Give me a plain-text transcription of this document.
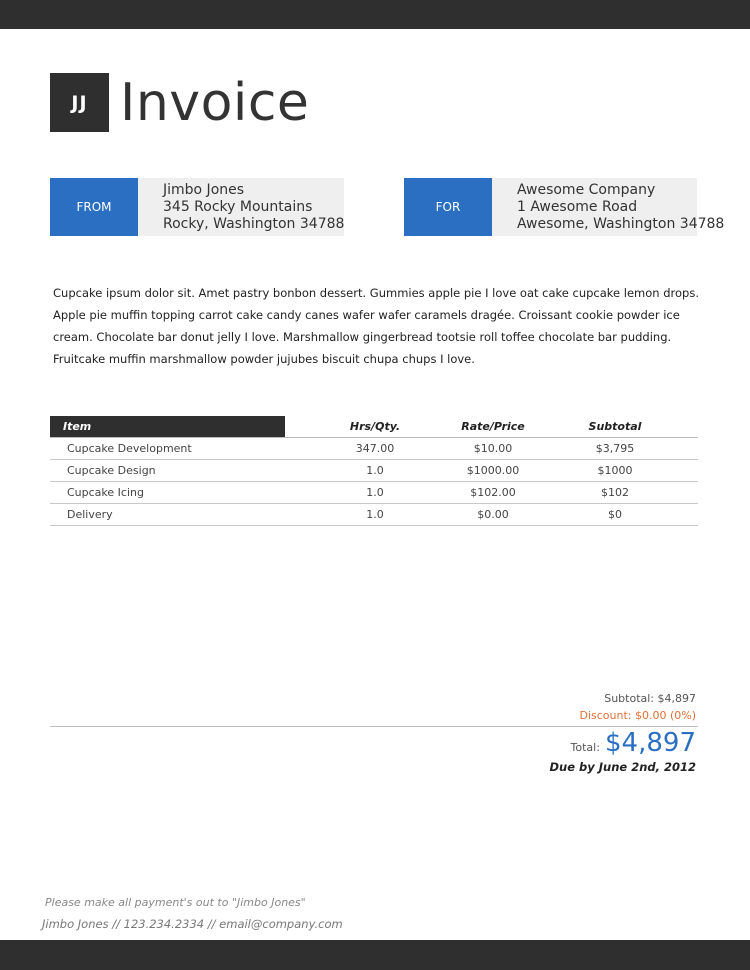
JJ Invoice
FROM
Jimbo Jones
345 Rocky Mountains
Rocky, Washington 34788
FOR
Awesome Company
1 Awesome Road
Awesome, Washington 34788
Cupcake ipsum dolor sit. Amet pastry bonbon dessert. Gummies apple pie I love oat cake cupcake lemon drops. Apple pie muffin topping carrot cake candy canes wafer wafer caramels dragée. Croissant cookie powder ice cream. Chocolate bar donut jelly I love. Marshmallow gingerbread tootsie roll toffee chocolate bar pudding. Fruitcake muffin marshmallow powder jujubes biscuit chupa chups I love.
Item	Hrs/Qty.	Rate/Price	Subtotal
Cupcake Development	347.00	$10.00	$3,795
Cupcake Design	1.0	$1000.00	$1000
Cupcake Icing	1.0	$102.00	$102
Delivery	1.0	$0.00	$0
Subtotal: $4,897
Discount: $0.00 (0%)
Total: $4,897
Due by June 2nd, 2012
Please make all payment's out to "Jimbo Jones"
Jimbo Jones // 123.234.2334 // email@company.com
